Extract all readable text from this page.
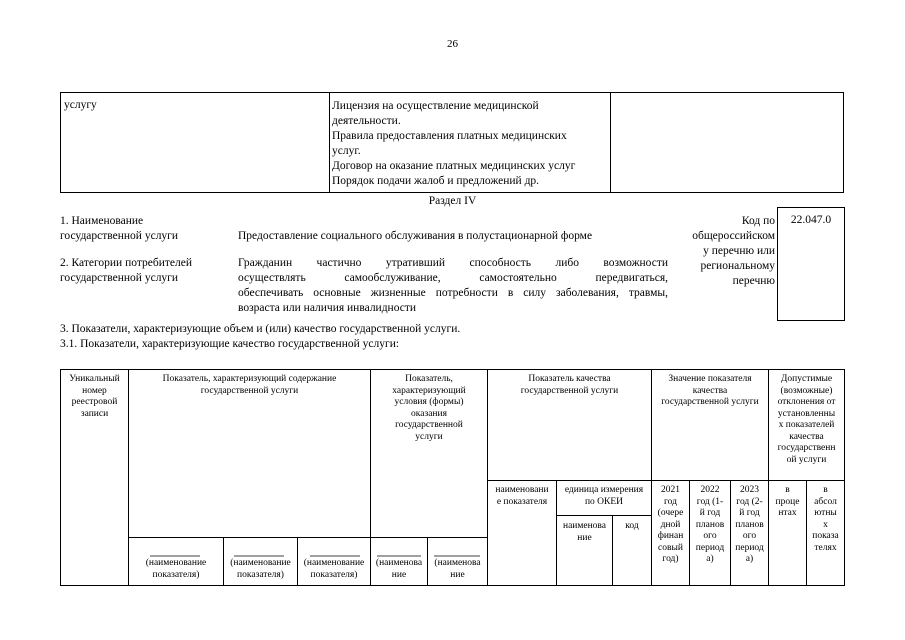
26
услугу	Лицензия на осуществление медицинской
деятельности.
Правила предоставления платных медицинских
услуг.
Договор на оказание платных медицинских услуг
Порядок подачи жалоб и предложений др.
Раздел IV
1. Наименование
государственной услуги	Предоставление социального обслуживания в полустационарной форме
2. Категории потребителей
государственной услуги
Гражданин частично утративший способность либо возможности
осуществлять самообслуживание, самостоятельно передвигаться,
обеспечивать основные жизненные потребности в силу заболевания, травмы,
возраста или наличия инвалидности
Код по
общероссийском
у перечню или
региональному
перечню
22.047.0
3. Показатели, характеризующие объем и (или) качество государственной услуги.
3.1. Показатели, характеризующие качество государственной услуги:
Уникальный
номер
реестровой
записи
Показатель, характеризующий содержание
государственной услуги
Показатель,
характеризующий
условия (формы)
оказания
государственной
услуги
Показатель качества
государственной услуги
Значение показателя
качества
государственной услуги
Допустимые
(возможные)
отклонения от
установленны
х показателей
качества
государственн
ой услуги
наименовани
е показателя
единица измерения
по ОКЕИ
наименова
ние
код
2021
год
(очере
дной
финан
совый
год)
2022
год (1-
й год
планов
ого
период
а)
2023
год (2-
й год
планов
ого
период
а)
в
проце
нтах
в
абсол
ютны
х
показа
телях
(наименование
показателя)
(наименование
показателя)
(наименование
показателя)
(наименова
ние
(наименова
ние
